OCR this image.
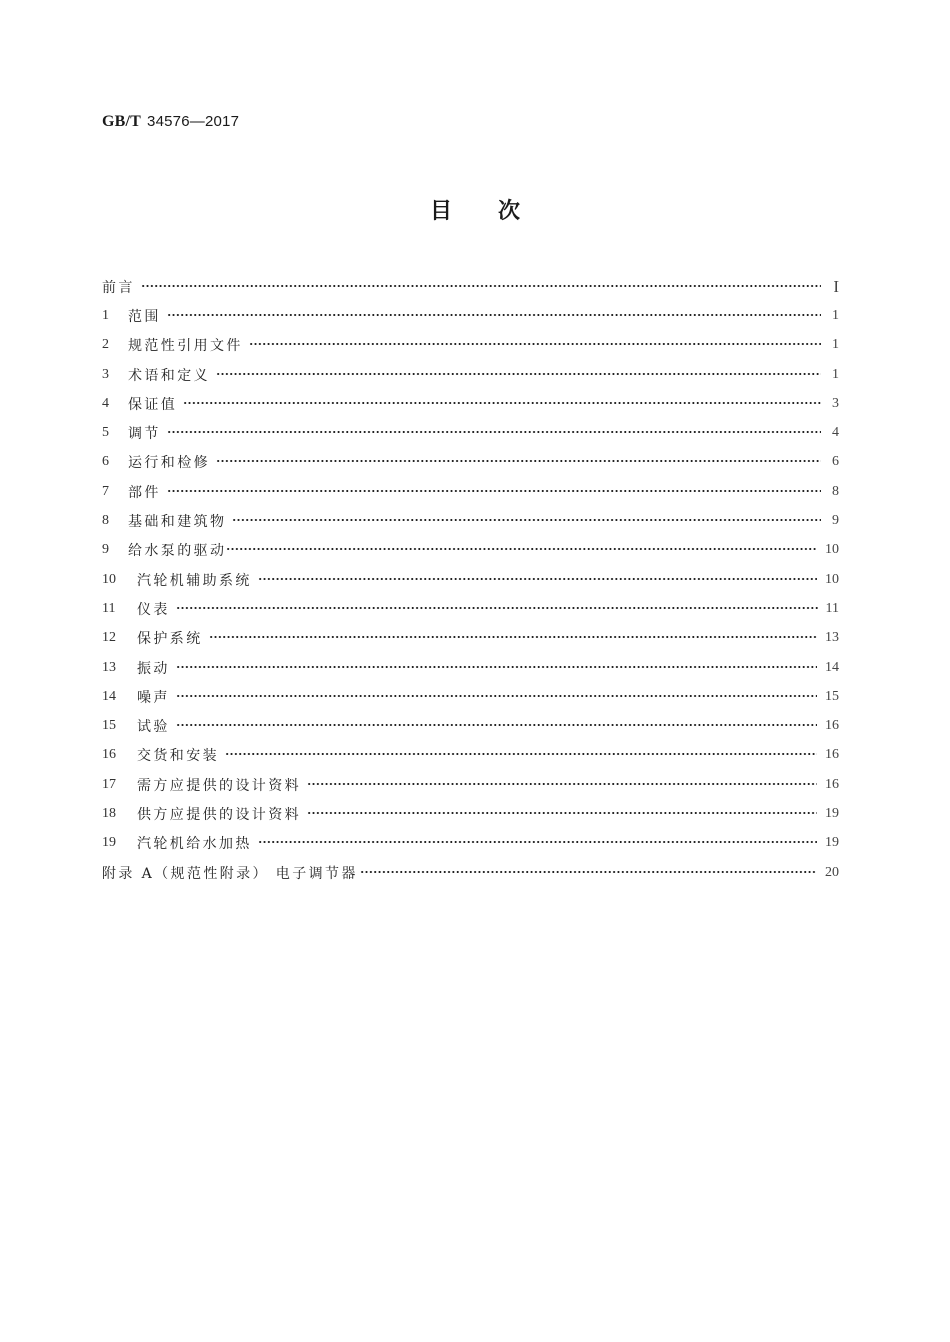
GB/T 34576—2017
目 次
前言	I
1	范围	1
2	规范性引用文件	1
3	术语和定义	1
4	保证值	3
5	调节	4
6	运行和检修	6
7	部件	8
8	基础和建筑物	9
9	给水泵的驱动	10
10	汽轮机辅助系统	10
11	仪表	11
12	保护系统	13
13	振动	14
14	噪声	15
15	试验	16
16	交货和安装	16
17	需方应提供的设计资料	16
18	供方应提供的设计资料	19
19	汽轮机给水加热	19
附录 A（规范性附录） 电子调节器	20
